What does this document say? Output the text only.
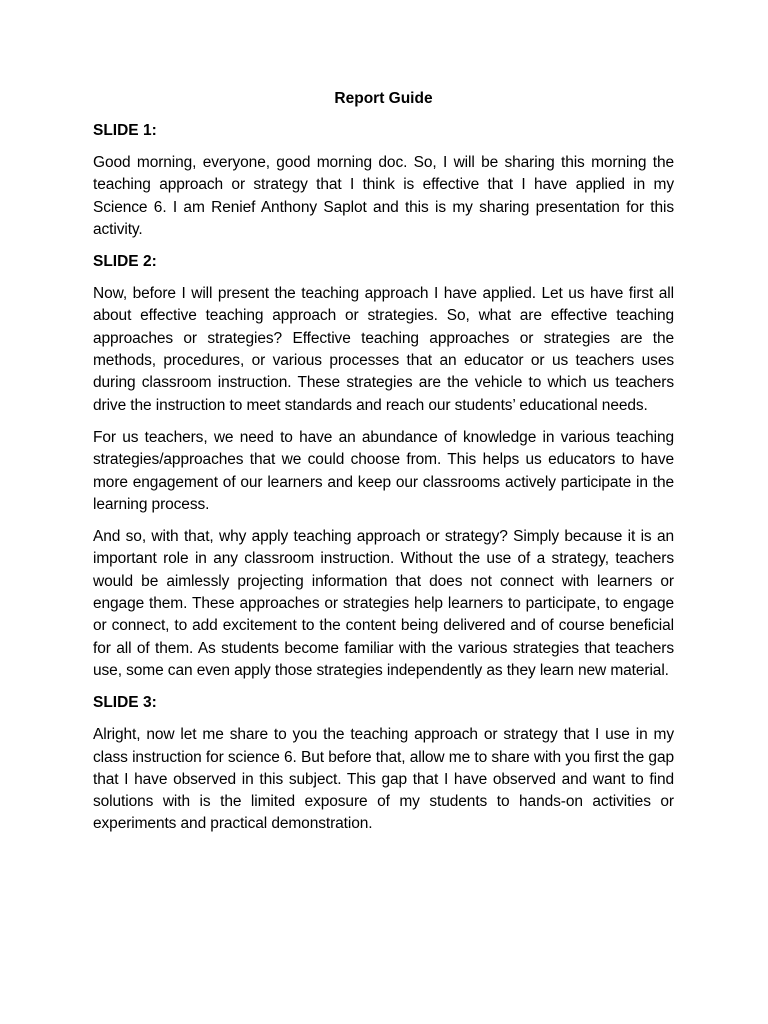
Report Guide
SLIDE 1:

Good morning, everyone, good morning doc. So, I will be sharing this morning the teaching approach or strategy that I think is effective that I have applied in my Science 6. I am Renief Anthony Saplot and this is my sharing presentation for this activity.

SLIDE 2:

Now, before I will present the teaching approach I have applied. Let us have first all about effective teaching approach or strategies. So, what are effective teaching approaches or strategies? Effective teaching approaches or strategies are the methods, procedures, or various processes that an educator or us teachers uses during classroom instruction. These strategies are the vehicle to which us teachers drive the instruction to meet standards and reach our students’ educational needs.

For us teachers, we need to have an abundance of knowledge in various teaching strategies/approaches that we could choose from. This helps us educators to have more engagement of our learners and keep our classrooms actively participate in the learning process.

And so, with that, why apply teaching approach or strategy? Simply because it is an important role in any classroom instruction. Without the use of a strategy, teachers would be aimlessly projecting information that does not connect with learners or engage them. These approaches or strategies help learners to participate, to engage or connect, to add excitement to the content being delivered and of course beneficial for all of them. As students become familiar with the various strategies that teachers use, some can even apply those strategies independently as they learn new material.

SLIDE 3:

Alright, now let me share to you the teaching approach or strategy that I use in my class instruction for science 6. But before that, allow me to share with you first the gap that I have observed in this subject. This gap that I have observed and want to find solutions with is the limited exposure of my students to hands-on activities or experiments and practical demonstration.
